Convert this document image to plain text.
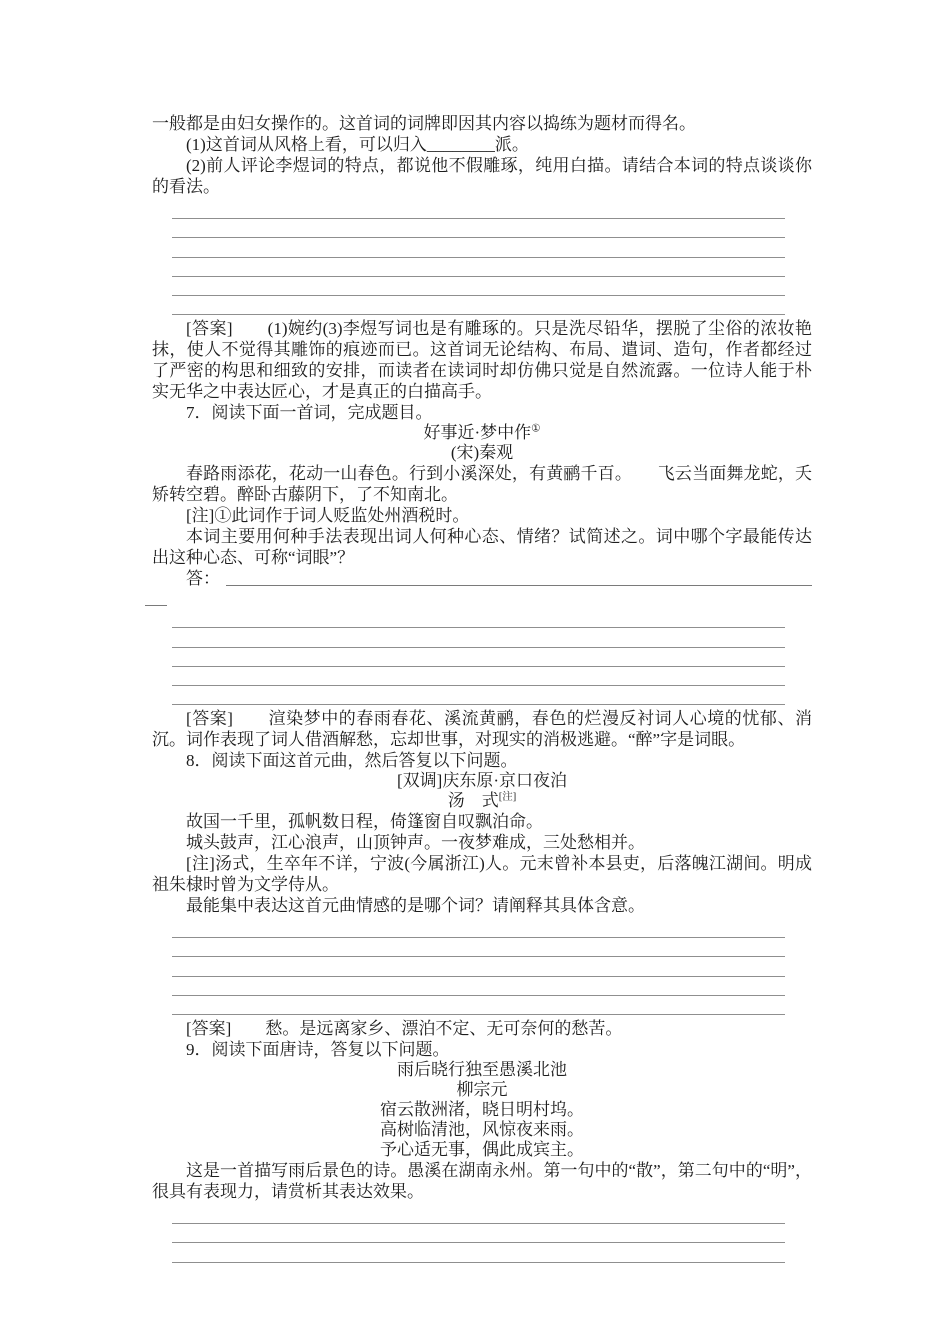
一般都是由妇女操作的。这首词的词牌即因其内容以捣练为题材而得名。

(1)这首词从风格上看，可以归入________派。

(2)前人评论李煜词的特点，都说他不假雕琢，纯用白描。请结合本词的特点谈谈你的看法。

[答案]　　(1)婉约(3)李煜写词也是有雕琢的。只是洗尽铅华，摆脱了尘俗的浓妆艳抹，使人不觉得其雕饰的痕迹而已。这首词无论结构、布局、遣词、造句，作者都经过了严密的构思和细致的安排，而读者在读词时却仿佛只觉是自然流露。一位诗人能于朴实无华之中表达匠心，才是真正的白描高手。

7．阅读下面一首词，完成题目。

好事近·梦中作①

(宋)秦观

春路雨添花，花动一山春色。行到小溪深处，有黄鹂千百。　　飞云当面舞龙蛇，夭矫转空碧。醉卧古藤阴下，了不知南北。

[注]①此词作于词人贬监处州酒税时。

本词主要用何种手法表现出词人何种心态、情绪？试简述之。词中哪个字最能传达出这种心态、可称“词眼”？

答：

[答案]　　渲染梦中的春雨春花、溪流黄鹂，春色的烂漫反衬词人心境的忧郁、消沉。词作表现了词人借酒解愁，忘却世事，对现实的消极逃避。“醉”字是词眼。

8．阅读下面这首元曲，然后答复以下问题。

[双调]庆东原·京口夜泊

汤　式[注]

故国一千里，孤帆数日程，倚篷窗自叹飘泊命。

城头鼓声，江心浪声，山顶钟声。一夜梦难成，三处愁相并。

[注]汤式，生卒年不详，宁波(今属浙江)人。元末曾补本县吏，后落魄江湖间。明成祖朱棣时曾为文学侍从。

最能集中表达这首元曲情感的是哪个词？请阐释其具体含意。

[答案]　　愁。是远离家乡、漂泊不定、无可奈何的愁苦。

9．阅读下面唐诗，答复以下问题。

雨后晓行独至愚溪北池

柳宗元

宿云散洲渚，晓日明村坞。

高树临清池，风惊夜来雨。

予心适无事，偶此成宾主。

这是一首描写雨后景色的诗。愚溪在湖南永州。第一句中的“散”，第二句中的“明”，很具有表现力，请赏析其表达效果。
